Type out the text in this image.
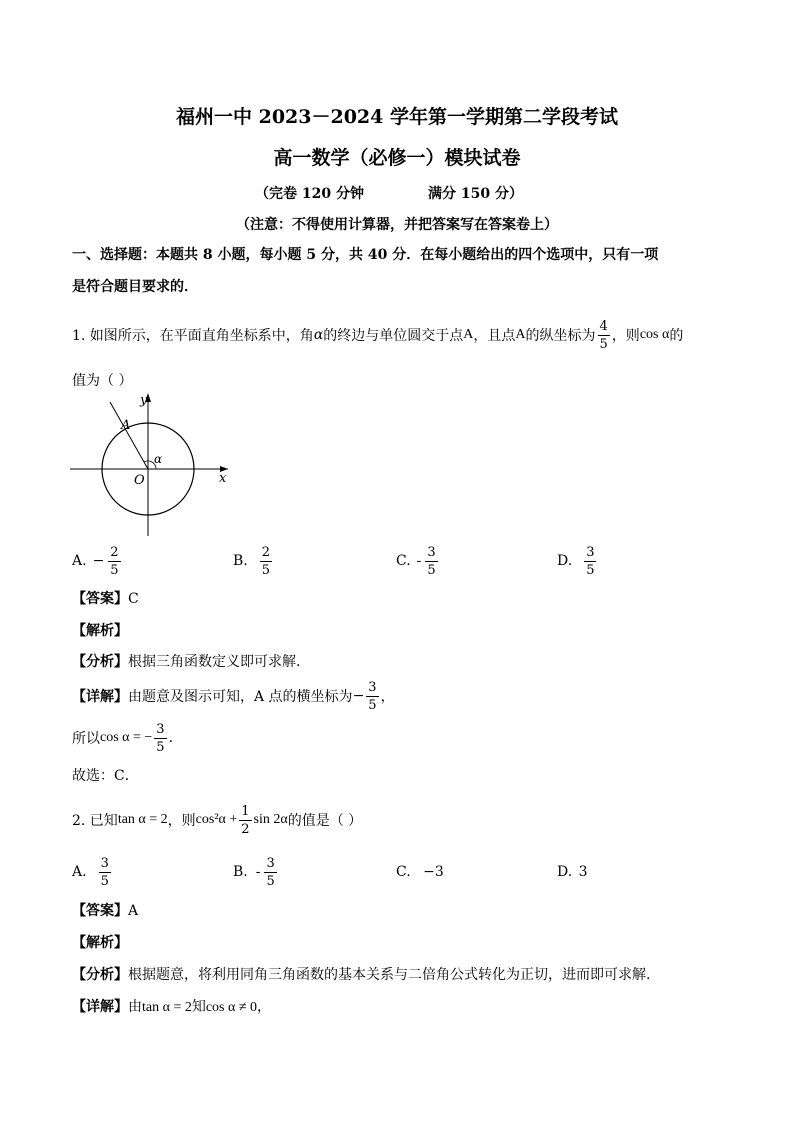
福州一中 2023－2024 学年第一学期第二学段考试
高一数学（必修一）模块试卷
（完卷 120 分钟	满分 150 分）
（注意：不得使用计算器，并把答案写在答案卷上）
一、选择题：本题共 8 小题，每小题 5 分，共 40 分．在每小题给出的四个选项中，只有一项
是符合题目要求的．
1. 如图所示，在平面直角坐标系中，角 α 的终边与单位圆交于点 A ，且点 A 的纵坐标为 $\frac{4}{5}$ ，则 cos α 的
值为（ ）
y
x
O
A
α
A. − $\frac{2}{5}$	B. $\frac{2}{5}$	C. - $\frac{3}{5}$	D. $\frac{3}{5}$
【答案】C
【解析】
【分析】根据三角函数定义即可求解.
【详解】 由题意及图示可知，A 点的横坐标为 − $\frac{3}{5}$ ，
所以 cos α = − $\frac{3}{5}$ .
故选：C．
2. 已知 tan α = 2 ，则 $\cos^2\alpha + \frac{1}{2}$ sin 2α 的值是（ ）
A. $\frac{3}{5}$	B. - $\frac{3}{5}$	C. −3	D. 3
【答案】A
【解析】
【分析】根据题意，将利用同角三角函数的基本关系与二倍角公式转化为正切，进而即可求解.
【详解】由tan α = 2知cos α ≠ 0，
